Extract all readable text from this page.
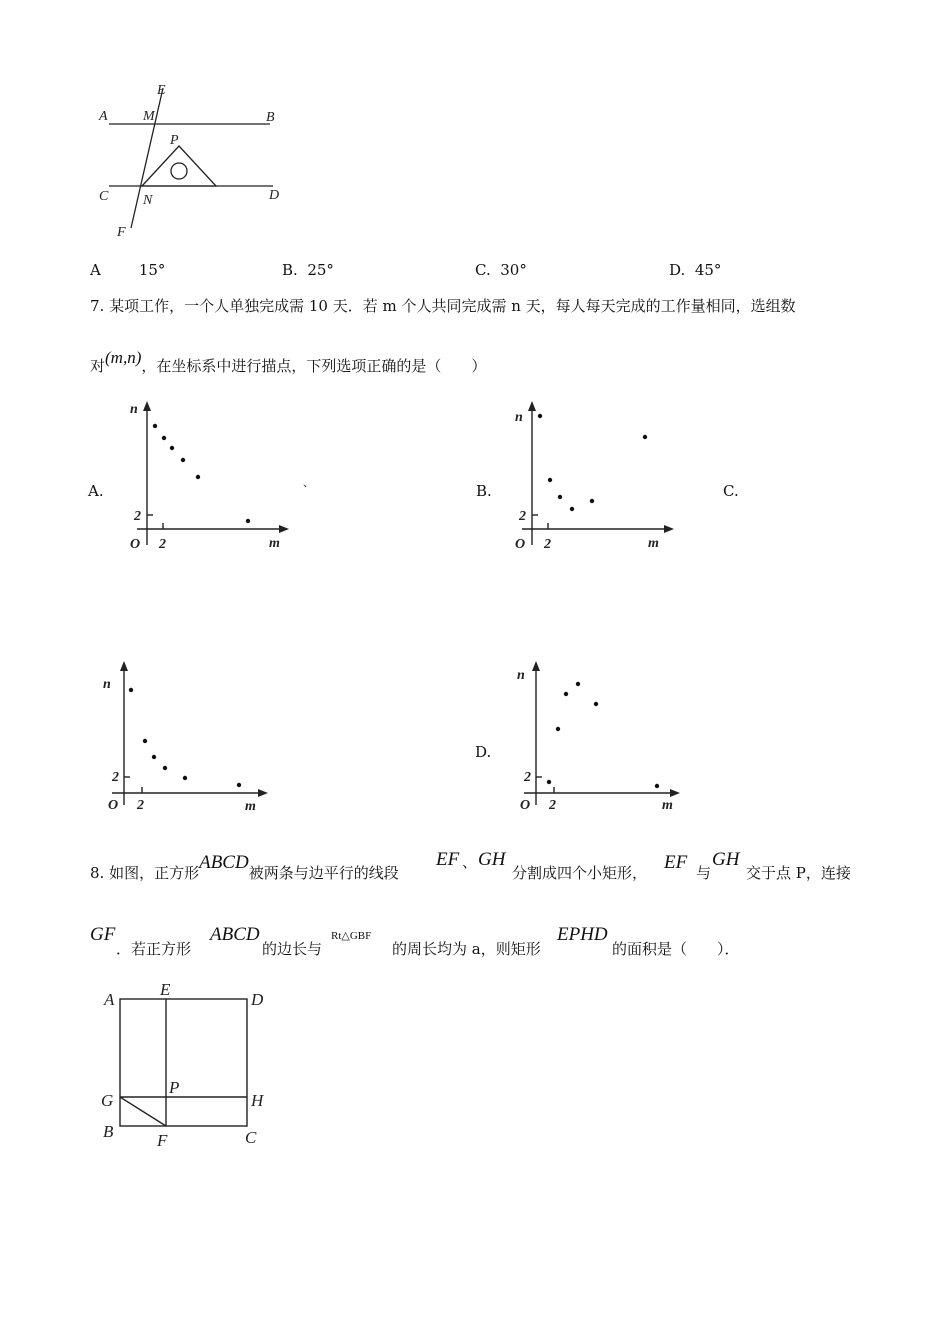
E
M
A	B
P
C N	D
F
A	15°	B. 25°	C. 30°	D. 45°
7. 某项工作，一个人单独完成需 10 天．若 m 个人共同完成需 n 天，每人每天完成的工作量相同，选组数
对(m,n)，在坐标系中进行描点，下列选项正确的是（　　）
A.	B.	C.
D.
、
n
m
O 2
2
n
m
O 2
2
n
m
O 2
2
n
m
O 2
2
8. 如图，正方形ABCD被两条与边平行的线段
EF 、 GH
分割成四个小矩形， EF 与
GH
交于点 P，连接
GF
．若正方形
ABCD
的边长与
Rt△GBF
的周长均为 a，则矩形
EPHD
的面积是（　　）．
A
E
D
G
P
H
B	F	C
